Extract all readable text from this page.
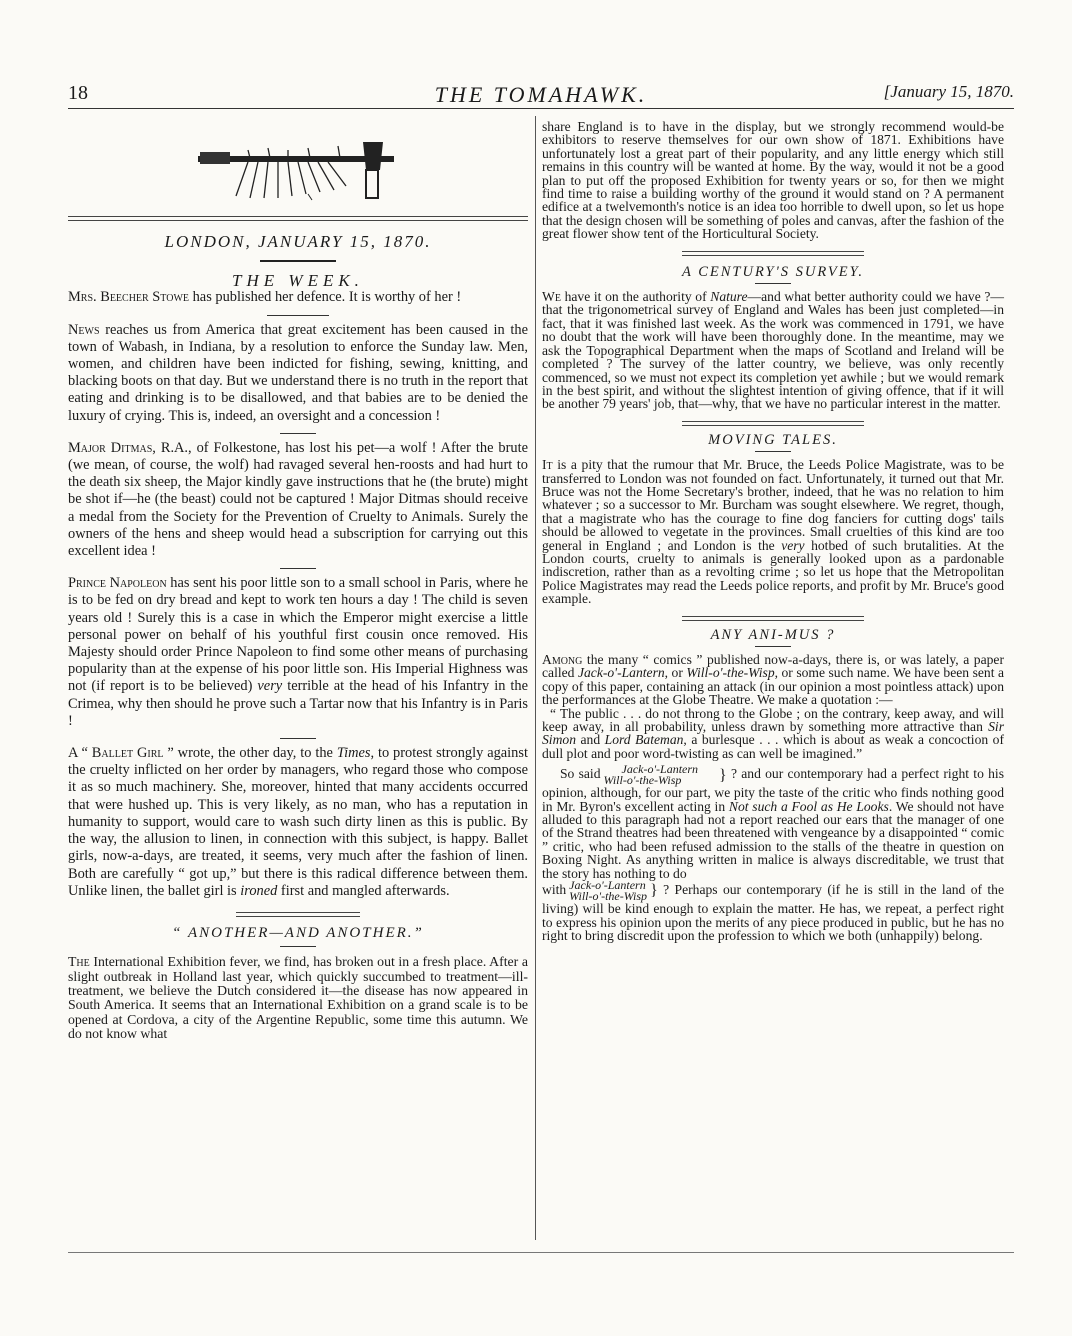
18	THE TOMAHAWK.	[January 15, 1870.
LONDON, JANUARY 15, 1870.
THE WEEK.

Mrs. Beecher Stowe has published her defence. It is worthy of her !

News reaches us from America that great excitement has been caused in the town of Wabash, in Indiana, by a resolution to enforce the Sunday law. Men, women, and children have been indicted for fishing, sewing, knitting, and blacking boots on that day. But we understand there is no truth in the report that eating and drinking is to be disallowed, and that babies are to be denied the luxury of crying. This is, indeed, an oversight and a concession !

Major Ditmas, R.A., of Folkestone, has lost his pet—a wolf ! After the brute (we mean, of course, the wolf) had ravaged several hen-roosts and had hurt to the death six sheep, the Major kindly gave instructions that he (the brute) might be shot if—he (the beast) could not be captured ! Major Ditmas should receive a medal from the Society for the Prevention of Cruelty to Animals. Surely the owners of the hens and sheep would head a subscription for carrying out this excellent idea !

Prince Napoleon has sent his poor little son to a small school in Paris, where he is to be fed on dry bread and kept to work ten hours a day ! The child is seven years old ! Surely this is a case in which the Emperor might exercise a little personal power on behalf of his youthful first cousin once removed. His Majesty should order Prince Napoleon to find some other means of purchasing popularity than at the expense of his poor little son. His Imperial Highness was not (if report is to be believed) very terrible at the head of his Infantry in the Crimea, why then should he prove such a Tartar now that his Infantry is in Paris !

A “ Ballet Girl ” wrote, the other day, to the Times, to protest strongly against the cruelty inflicted on her order by managers, who regard those who compose it as so much machinery. She, moreover, hinted that many accidents occurred that were hushed up. This is very likely, as no man, who has a reputation in humanity to support, would care to wash such dirty linen as this is public. By the way, the allusion to linen, in connection with this subject, is happy. Ballet girls, now-a-days, are treated, it seems, very much after the fashion of linen. Both are carefully “ got up,” but there is this radical difference between them. Unlike linen, the ballet girl is ironed first and mangled afterwards.

“ ANOTHER—AND ANOTHER.”

The International Exhibition fever, we find, has broken out in a fresh place. After a slight outbreak in Holland last year, which quickly succumbed to treatment—ill-treatment, we believe the Dutch considered it—the disease has now appeared in South America. It seems that an International Exhibition on a grand scale is to be opened at Cordova, a city of the Argentine Republic, some time this autumn. We do not know what

share England is to have in the display, but we strongly recommend would-be exhibitors to reserve themselves for our own show of 1871. Exhibitions have unfortunately lost a great part of their popularity, and any little energy which still remains in this country will be wanted at home. By the way, would it not be a good plan to put off the proposed Exhibition for twenty years or so, for then we might find time to raise a building worthy of the ground it would stand on ? A permanent edifice at a twelvemonth's notice is an idea too horrible to dwell upon, so let us hope that the design chosen will be something of poles and canvas, after the fashion of the great flower show tent of the Horticultural Society.

A CENTURY'S SURVEY.

We have it on the authority of Nature—and what better authority could we have ?—that the trigonometrical survey of England and Wales has been just completed—in fact, that it was finished last week. As the work was commenced in 1791, we have no doubt that the work will have been thoroughly done. In the meantime, may we ask the Topographical Department when the maps of Scotland and Ireland will be completed ? The survey of the latter country, we believe, was only recently commenced, so we must not expect its completion yet awhile ; but we would remark in the best spirit, and without the slightest intention of giving offence, that if it will be another 79 years' job, that—why, that we have no particular interest in the matter.

MOVING TALES.

It is a pity that the rumour that Mr. Bruce, the Leeds Police Magistrate, was to be transferred to London was not founded on fact. Unfortunately, it turned out that Mr. Bruce was not the Home Secretary's brother, indeed, that he was no relation to him whatever ; so a successor to Mr. Burcham was sought elsewhere. We regret, though, that a magistrate who has the courage to fine dog fanciers for cutting dogs' tails should be allowed to vegetate in the provinces. Small cruelties of this kind are too general in England ; and London is the very hotbed of such brutalities. At the London courts, cruelty to animals is generally looked upon as a pardonable indiscretion, rather than as a revolting crime ; so let us hope that the Metropolitan Police Magistrates may read the Leeds police reports, and profit by Mr. Bruce's good example.

ANY ANI-MUS ?

Among the many “ comics ” published now-a-days, there is, or was lately, a paper called Jack-o'-Lantern, or Will-o'-the-Wisp, or some such name. We have been sent a copy of this paper, containing an attack (in our opinion a most pointless attack) upon the performances at the Globe Theatre. We make a quotation :—

“ The public . . . do not throng to the Globe ; on the contrary, keep away, and will keep away, in all probability, unless drawn by something more attractive than Sir Simon and Lord Bateman, a burlesque . . . which is about as weak a concoction of dull plot and poor word-twisting as can well be imagined.”

So said Jack-o'-Lantern
Will-o'-the-Wisp } ? and our contemporary had a perfect right to his opinion, although, for our part, we pity the taste of the critic who finds nothing good in Mr. Byron's excellent acting in Not such a Fool as He Looks. We should not have alluded to this paragraph had not a report reached our ears that the manager of one of the Strand theatres had been threatened with vengeance by a disappointed “ comic ” critic, who had been refused admission to the stalls of the theatre in question on Boxing Night. As anything written in malice is always discreditable, we trust that the story has nothing to do

with Jack-o'-Lantern
Will-o'-the-Wisp } ? Perhaps our contemporary (if he is still in the land of the living) will be kind enough to explain the matter. He has, we repeat, a perfect right to express his opinion upon the merits of any piece produced in public, but he has no right to bring discredit upon the profession to which we both (unhappily) belong.
